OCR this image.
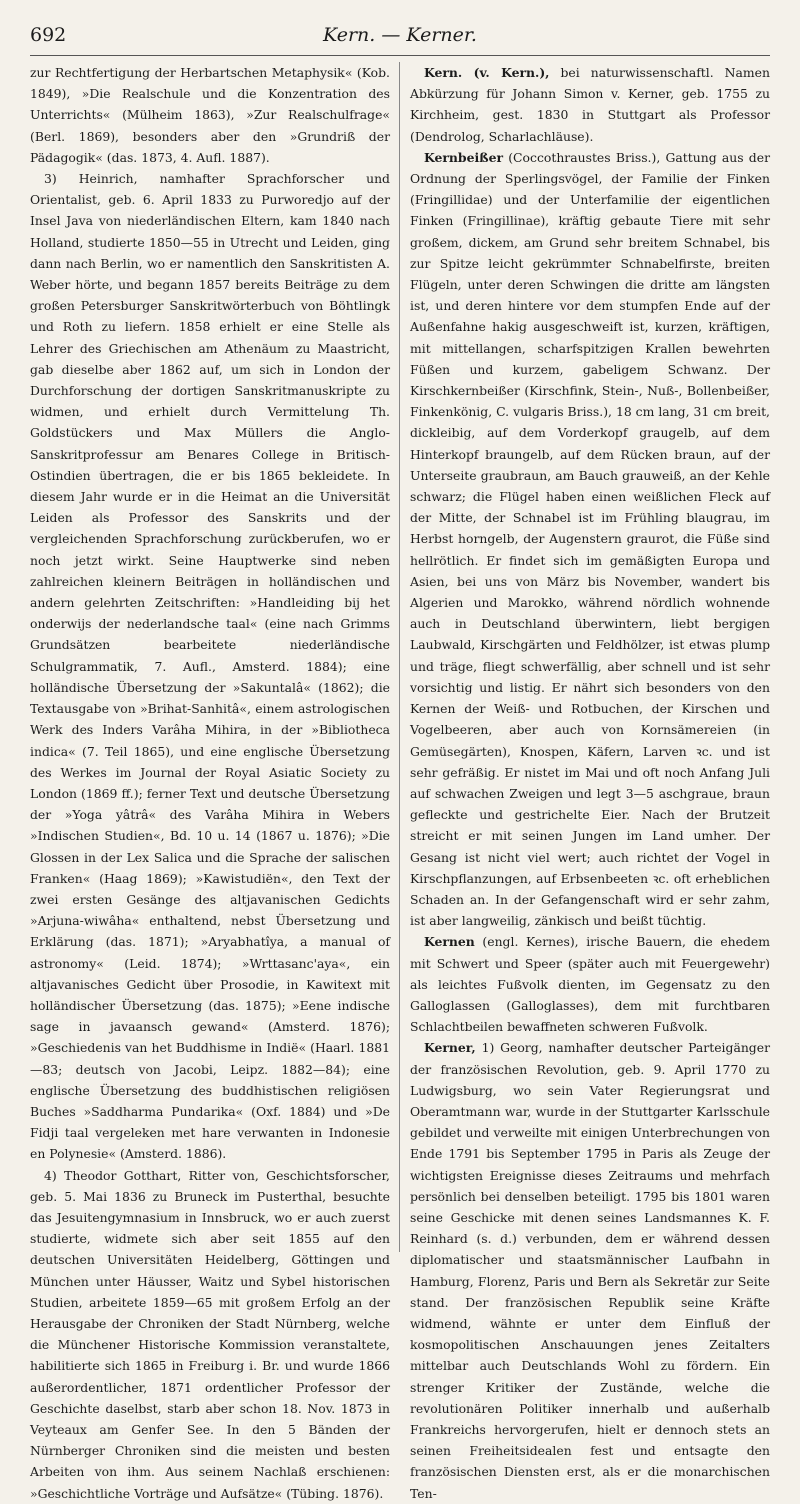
692	Kern. — Kerner.

zur Rechtfertigung der Herbartschen Metaphysik« (Kob. 1849), »Die Realschule und die Konzentration des Unterrichts« (Mülheim 1863), »Zur Realschulfrage« (Berl. 1869), besonders aber den »Grundriß der Pädagogik« (das. 1873, 4. Aufl. 1887).

3) Heinrich, namhafter Sprachforscher und Orientalist, geb. 6. April 1833 zu Purworedjo auf der Insel Java von niederländischen Eltern, kam 1840 nach Holland, studierte 1850—55 in Utrecht und Leiden, ging dann nach Berlin, wo er namentlich den Sanskritisten A. Weber hörte, und begann 1857 bereits Beiträge zu dem großen Petersburger Sanskritwörterbuch von Böhtlingk und Roth zu liefern. 1858 erhielt er eine Stelle als Lehrer des Griechischen am Athenäum zu Maastricht, gab dieselbe aber 1862 auf, um sich in London der Durchforschung der dortigen Sanskritmanuskripte zu widmen, und erhielt durch Vermittelung Th. Goldstückers und Max Müllers die Anglo-Sanskritprofessur am Benares College in Britisch-Ostindien übertragen, die er bis 1865 bekleidete. In diesem Jahr wurde er in die Heimat an die Universität Leiden als Professor des Sanskrits und der vergleichenden Sprachforschung zurückberufen, wo er noch jetzt wirkt. Seine Hauptwerke sind neben zahlreichen kleinern Beiträgen in holländischen und andern gelehrten Zeitschriften: »Handleiding bij het onderwijs der nederlandsche taal« (eine nach Grimms Grundsätzen bearbeitete niederländische Schulgrammatik, 7. Aufl., Amsterd. 1884); eine holländische Übersetzung der »Sakuntalâ« (1862); die Textausgabe von »Brihat-Sanhitâ«, einem astrologischen Werk des Inders Varâha Mihira, in der »Bibliotheca indica« (7. Teil 1865), und eine englische Übersetzung des Werkes im Journal der Royal Asiatic Society zu London (1869 ff.); ferner Text und deutsche Übersetzung der »Yoga yâtrâ« des Varâha Mihira in Webers »Indischen Studien«, Bd. 10 u. 14 (1867 u. 1876); »Die Glossen in der Lex Salica und die Sprache der salischen Franken« (Haag 1869); »Kawistudiën«, den Text der zwei ersten Gesänge des altjavanischen Gedichts »Arjuna-wiwâha« enthaltend, nebst Übersetzung und Erklärung (das. 1871); »Aryabhatîya, a manual of astronomy« (Leid. 1874); »Wrttasanc'aya«, ein altjavanisches Gedicht über Prosodie, in Kawitext mit holländischer Übersetzung (das. 1875); »Eene indische sage in javaansch gewand« (Amsterd. 1876); »Geschiedenis van het Buddhisme in Indië« (Haarl. 1881—83; deutsch von Jacobi, Leipz. 1882—84); eine englische Übersetzung des buddhistischen religiösen Buches »Saddharma Pundarika« (Oxf. 1884) und »De Fidji taal vergeleken met hare verwanten in Indonesie en Polynesie« (Amsterd. 1886).

4) Theodor Gotthart, Ritter von, Geschichtsforscher, geb. 5. Mai 1836 zu Bruneck im Pusterthal, besuchte das Jesuitengymnasium in Innsbruck, wo er auch zuerst studierte, widmete sich aber seit 1855 auf den deutschen Universitäten Heidelberg, Göttingen und München unter Häusser, Waitz und Sybel historischen Studien, arbeitete 1859—65 mit großem Erfolg an der Herausgabe der Chroniken der Stadt Nürnberg, welche die Münchener Historische Kommission veranstaltete, habilitierte sich 1865 in Freiburg i. Br. und wurde 1866 außerordentlicher, 1871 ordentlicher Professor der Geschichte daselbst, starb aber schon 18. Nov. 1873 in Veyteaux am Genfer See. In den 5 Bänden der Nürnberger Chroniken sind die meisten und besten Arbeiten von ihm. Aus seinem Nachlaß erschienen: »Geschichtliche Vorträge und Aufsätze« (Tübing. 1876).

Kern. (v. Kern.), bei naturwissenschaftl. Namen Abkürzung für Johann Simon v. Kerner, geb. 1755 zu Kirchheim, gest. 1830 in Stuttgart als Professor (Dendrolog, Scharlachläuse).

Kernbeißer (Coccothraustes Briss.), Gattung aus der Ordnung der Sperlingsvögel, der Familie der Finken (Fringillidae) und der Unterfamilie der eigentlichen Finken (Fringillinae), kräftig gebaute Tiere mit sehr großem, dickem, am Grund sehr breitem Schnabel, bis zur Spitze leicht gekrümmter Schnabelfirste, breiten Flügeln, unter deren Schwingen die dritte am längsten ist, und deren hintere vor dem stumpfen Ende auf der Außenfahne hakig ausgeschweift ist, kurzen, kräftigen, mit mittellangen, scharfspitzigen Krallen bewehrten Füßen und kurzem, gabeligem Schwanz. Der Kirschkernbeißer (Kirschfink, Stein-, Nuß-, Bollenbeißer, Finkenkönig, C. vulgaris Briss.), 18 cm lang, 31 cm breit, dickleibig, auf dem Vorderkopf graugelb, auf dem Hinterkopf braungelb, auf dem Rücken braun, auf der Unterseite graubraun, am Bauch grauweiß, an der Kehle schwarz; die Flügel haben einen weißlichen Fleck auf der Mitte, der Schnabel ist im Frühling blaugrau, im Herbst horngelb, der Augenstern graurot, die Füße sind hellrötlich. Er findet sich im gemäßigten Europa und Asien, bei uns von März bis November, wandert bis Algerien und Marokko, während nördlich wohnende auch in Deutschland überwintern, liebt bergigen Laubwald, Kirschgärten und Feldhölzer, ist etwas plump und träge, fliegt schwerfällig, aber schnell und ist sehr vorsichtig und listig. Er nährt sich besonders von den Kernen der Weiß- und Rotbuchen, der Kirschen und Vogelbeeren, aber auch von Kornsämereien (in Gemüsegärten), Knospen, Käfern, Larven ꝛc. und ist sehr gefräßig. Er nistet im Mai und oft noch Anfang Juli auf schwachen Zweigen und legt 3—5 aschgraue, braun gefleckte und gestrichelte Eier. Nach der Brutzeit streicht er mit seinen Jungen im Land umher. Der Gesang ist nicht viel wert; auch richtet der Vogel in Kirschpflanzungen, auf Erbsenbeeten ꝛc. oft erheblichen Schaden an. In der Gefangenschaft wird er sehr zahm, ist aber langweilig, zänkisch und beißt tüchtig.

Kernen (engl. Kernes), irische Bauern, die ehedem mit Schwert und Speer (später auch mit Feuergewehr) als leichtes Fußvolk dienten, im Gegensatz zu den Galloglassen (Galloglasses), dem mit furchtbaren Schlachtbeilen bewaffneten schweren Fußvolk.

Kerner, 1) Georg, namhafter deutscher Parteigänger der französischen Revolution, geb. 9. April 1770 zu Ludwigsburg, wo sein Vater Regierungsrat und Oberamtmann war, wurde in der Stuttgarter Karlsschule gebildet und verweilte mit einigen Unterbrechungen von Ende 1791 bis September 1795 in Paris als Zeuge der wichtigsten Ereignisse dieses Zeitraums und mehrfach persönlich bei denselben beteiligt. 1795 bis 1801 waren seine Geschicke mit denen seines Landsmannes K. F. Reinhard (s. d.) verbunden, dem er während dessen diplomatischer und staatsmännischer Laufbahn in Hamburg, Florenz, Paris und Bern als Sekretär zur Seite stand. Der französischen Republik seine Kräfte widmend, wähnte er unter dem Einfluß der kosmopolitischen Anschauungen jenes Zeitalters mittelbar auch Deutschlands Wohl zu fördern. Ein strenger Kritiker der Zustände, welche die revolutionären Politiker innerhalb und außerhalb Frankreichs hervorgerufen, hielt er dennoch stets an seinen Freiheitsidealen fest und entsagte den französischen Diensten erst, als er die monarchischen Ten-
